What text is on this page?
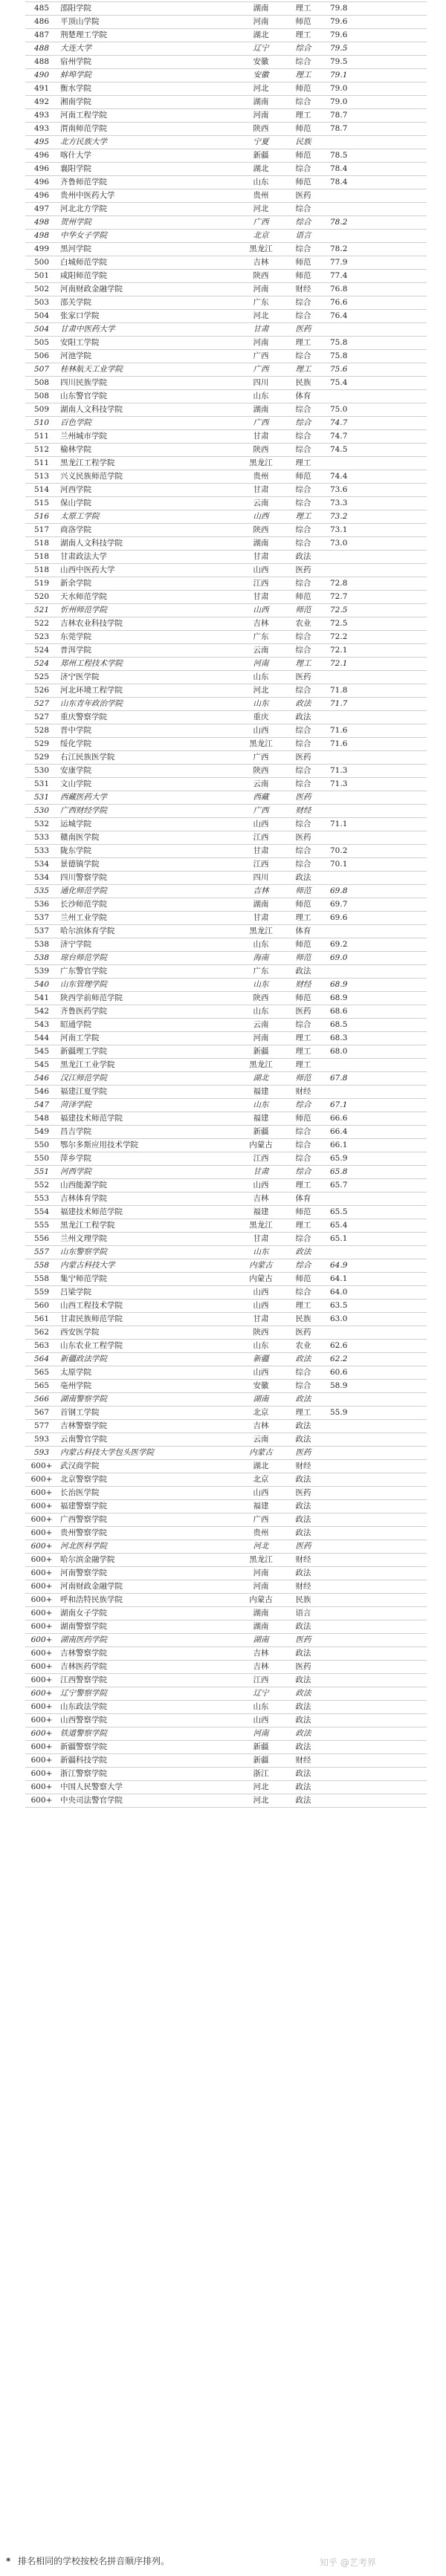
485	邵阳学院	湖南	理工	79.8	
486	平顶山学院	河南	师范	79.6	
487	荆楚理工学院	湖北	理工	79.6	
488	大连大学	辽宁	综合	79.5	
488	宿州学院	安徽	综合	79.5	
490	蚌埠学院	安徽	理工	79.1	
491	衡水学院	河北	师范	79.0	
492	湘南学院	湖南	综合	79.0	
493	河南工程学院	河南	理工	78.7	
493	渭南师范学院	陕西	师范	78.7	
495	北方民族大学	宁夏	民族		
496	喀什大学	新疆	师范	78.5	
496	襄阳学院	湖北	综合	78.4	
496	齐鲁师范学院	山东	师范	78.4	
496	贵州中医药大学	贵州	医药		
497	河北北方学院	河北	综合		
498	贺州学院	广西	综合	78.2	
498	中华女子学院	北京	语言		
499	黑河学院	黑龙江	综合	78.2	
500	白城师范学院	吉林	师范	77.9	
501	咸阳师范学院	陕西	师范	77.4	
502	河南财政金融学院	河南	财经	76.8	
503	邵关学院	广东	综合	76.6	
504	张家口学院	河北	综合	76.4	
504	甘肃中医药大学	甘肃	医药		
505	安阳工学院	河南	理工	75.8	
506	河池学院	广西	综合	75.8	
507	桂林航天工业学院	广西	理工	75.6	
508	四川民族学院	四川	民族	75.4	
508	山东警官学院	山东	体育		
509	湖南人文科技学院	湖南	综合	75.0	
510	百色学院	广西	综合	74.7	
511	兰州城市学院	甘肃	综合	74.7	
512	榆林学院	陕西	综合	74.5	
511	黑龙江工程学院	黑龙江	理工		
513	兴义民族师范学院	贵州	师范	74.4	
514	河西学院	甘肃	综合	73.6	
515	保山学院	云南	综合	73.3	
516	太原工学院	山西	理工	73.2	
517	商洛学院	陕西	综合	73.1	
518	湖南人文科技学院	湖南	综合	73.0	
518	甘肃政法大学	甘肃	政法		
518	山西中医药大学	山西	医药		
519	新余学院	江西	综合	72.8	
520	天水师范学院	甘肃	师范	72.7	
521	忻州师范学院	山西	师范	72.5	
522	吉林农业科技学院	吉林	农业	72.5	
523	东莞学院	广东	综合	72.2	
524	普洱学院	云南	综合	72.1	
524	郑州工程技术学院	河南	理工	72.1	
525	济宁医学院	山东	医药		
526	河北环境工程学院	河北	综合	71.8	
527	山东青年政治学院	山东	政法	71.7	
527	重庆警察学院	重庆	政法		
528	晋中学院	山西	综合	71.6	
529	绥化学院	黑龙江	综合	71.6	
529	右江民族医学院	广西	医药		
530	安康学院	陕西	综合	71.3	
531	文山学院	云南	综合	71.3	
531	西藏医药大学	西藏	医药		
530	广西财经学院	广西	财经		
532	运城学院	山西	综合	71.1	
533	赣南医学院	江西	医药		
533	陇东学院	甘肃	综合	70.2	
534	景德镇学院	江西	综合	70.1	
534	四川警察学院	四川	政法		
535	通化师范学院	吉林	师范	69.8	
536	长沙师范学院	湖南	师范	69.7	
537	兰州工业学院	甘肃	理工	69.6	
537	哈尔滨体育学院	黑龙江	体育		
538	济宁学院	山东	师范	69.2	
538	琼台师范学院	海南	师范	69.0	
539	广东警官学院	广东	政法		
540	山东管理学院	山东	财经	68.9	
541	陕西学前师范学院	陕西	师范	68.9	
542	齐鲁医药学院	山东	医药	68.6	
543	昭通学院	云南	综合	68.5	
544	河南工学院	河南	理工	68.3	
545	新疆理工学院	新疆	理工	68.0	
545	黑龙江工业学院	黑龙江	理工		
546	汉江师范学院	湖北	师范	67.8	
546	福建江夏学院	福建	财经		
547	菏泽学院	山东	综合	67.1	
548	福建技术师范学院	福建	师范	66.6	
549	昌吉学院	新疆	综合	66.4	
550	鄂尔多斯应用技术学院	内蒙古	综合	66.1	
550	萍乡学院	江西	综合	65.9	
551	河西学院	甘肃	综合	65.8	
552	山西能源学院	山西	理工	65.7	
553	吉林体育学院	吉林	体育		
554	福建技术师范学院	福建	师范	65.5	
555	黑龙江工程学院	黑龙江	理工	65.4	
556	兰州文理学院	甘肃	综合	65.1	
557	山东警察学院	山东	政法		
558	内蒙古科技大学	内蒙古	综合	64.9	
558	集宁师范学院	内蒙古	师范	64.1	
559	吕梁学院	山西	综合	64.0	
560	山西工程技术学院	山西	理工	63.5	
561	甘肃民族师范学院	甘肃	民族	63.0	
562	西安医学院	陕西	医药		
563	山东农业工程学院	山东	农业	62.6	
564	新疆政法学院	新疆	政法	62.2	
565	太原学院	山西	综合	60.6	
565	亳州学院	安徽	综合	58.9	
566	湖南警察学院	湖南	政法		
567	首钢工学院	北京	理工	55.9	
577	吉林警察学院	吉林	政法		
593	云南警官学院	云南	政法		
593	内蒙古科技大学包头医学院	内蒙古	医药		
600+	武汉商学院	湖北	财经		
600+	北京警察学院	北京	政法		
600+	长治医学院	山西	医药		
600+	福建警察学院	福建	政法		
600+	广西警察学院	广西	政法		
600+	贵州警察学院	贵州	政法		
600+	河北医科学院	河北	医药		
600+	哈尔滨金融学院	黑龙江	财经		
600+	河南警察学院	河南	政法		
600+	河南财政金融学院	河南	财经		
600+	呼和浩特民族学院	内蒙古	民族		
600+	湖南女子学院	湖南	语言		
600+	湖南警察学院	湖南	政法		
600+	湖南医药学院	湖南	医药		
600+	吉林警察学院	吉林	政法		
600+	吉林医药学院	吉林	医药		
600+	江西警察学院	江西	政法		
600+	辽宁警察学院	辽宁	政法		
600+	山东政法学院	山东	政法		
600+	山西警察学院	山西	政法		
600+	铁道警察学院	河南	政法		
600+	新疆警察学院	新疆	政法		
600+	新疆科技学院	新疆	财经		
600+	浙江警察学院	浙江	政法		
600+	中国人民警察大学	河北	政法		
600+	中央司法警官学院	河北	政法		
* 排名相同的学校按校名拼音顺序排列。	知乎 @艺考界
